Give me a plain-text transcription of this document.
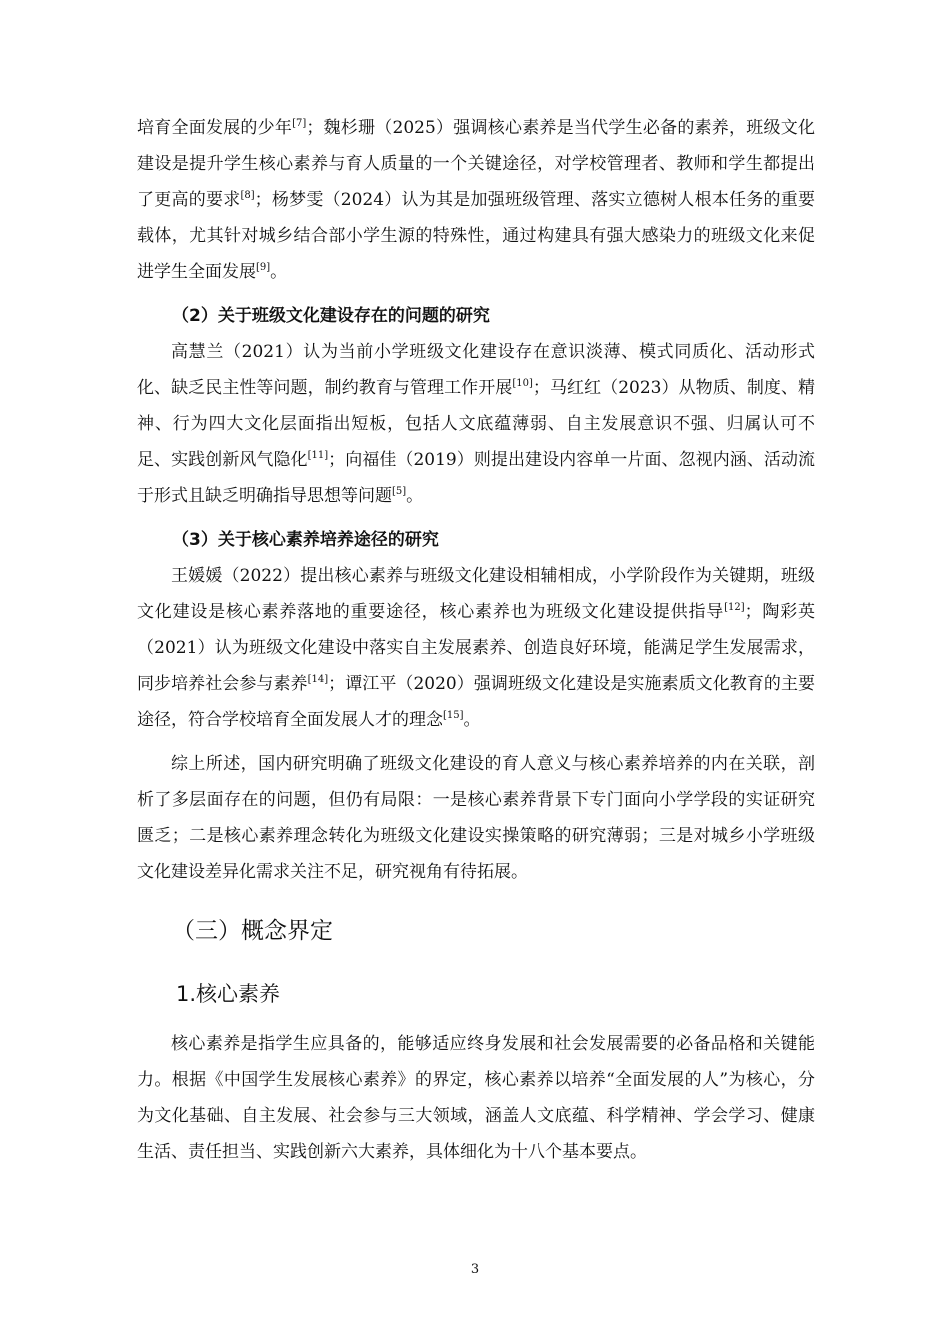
培育全面发展的少年[7]；魏杉珊（2025）强调核心素养是当代学生必备的素养，班级文化建设是提升学生核心素养与育人质量的一个关键途径，对学校管理者、教师和学生都提出了更高的要求[8]；杨梦雯（2024）认为其是加强班级管理、落实立德树人根本任务的重要载体，尤其针对城乡结合部小学生源的特殊性，通过构建具有强大感染力的班级文化来促进学生全面发展[9]。

（2）关于班级文化建设存在的问题的研究

高慧兰（2021）认为当前小学班级文化建设存在意识淡薄、模式同质化、活动形式化、缺乏民主性等问题，制约教育与管理工作开展[10]；马红红（2023）从物质、制度、精神、行为四大文化层面指出短板，包括人文底蕴薄弱、自主发展意识不强、归属认可不足、实践创新风气隐化[11]；向福佳（2019）则提出建设内容单一片面、忽视内涵、活动流于形式且缺乏明确指导思想等问题[5]。

（3）关于核心素养培养途径的研究

王媛媛（2022）提出核心素养与班级文化建设相辅相成，小学阶段作为关键期，班级文化建设是核心素养落地的重要途径，核心素养也为班级文化建设提供指导[12]；陶彩英（2021）认为班级文化建设中落实自主发展素养、创造良好环境，能满足学生发展需求，同步培养社会参与素养[14]；谭江平（2020）强调班级文化建设是实施素质文化教育的主要途径，符合学校培育全面发展人才的理念[15]。

综上所述，国内研究明确了班级文化建设的育人意义与核心素养培养的内在关联，剖析了多层面存在的问题，但仍有局限：一是核心素养背景下专门面向小学学段的实证研究匮乏；二是核心素养理念转化为班级文化建设实操策略的研究薄弱；三是对城乡小学班级文化建设差异化需求关注不足，研究视角有待拓展。

（三）概念界定
1.核心素养

核心素养是指学生应具备的，能够适应终身发展和社会发展需要的必备品格和关键能力。根据《中国学生发展核心素养》的界定，核心素养以培养“全面发展的人”为核心，分为文化基础、自主发展、社会参与三大领域，涵盖人文底蕴、科学精神、学会学习、健康生活、责任担当、实践创新六大素养，具体细化为十八个基本要点。

3
